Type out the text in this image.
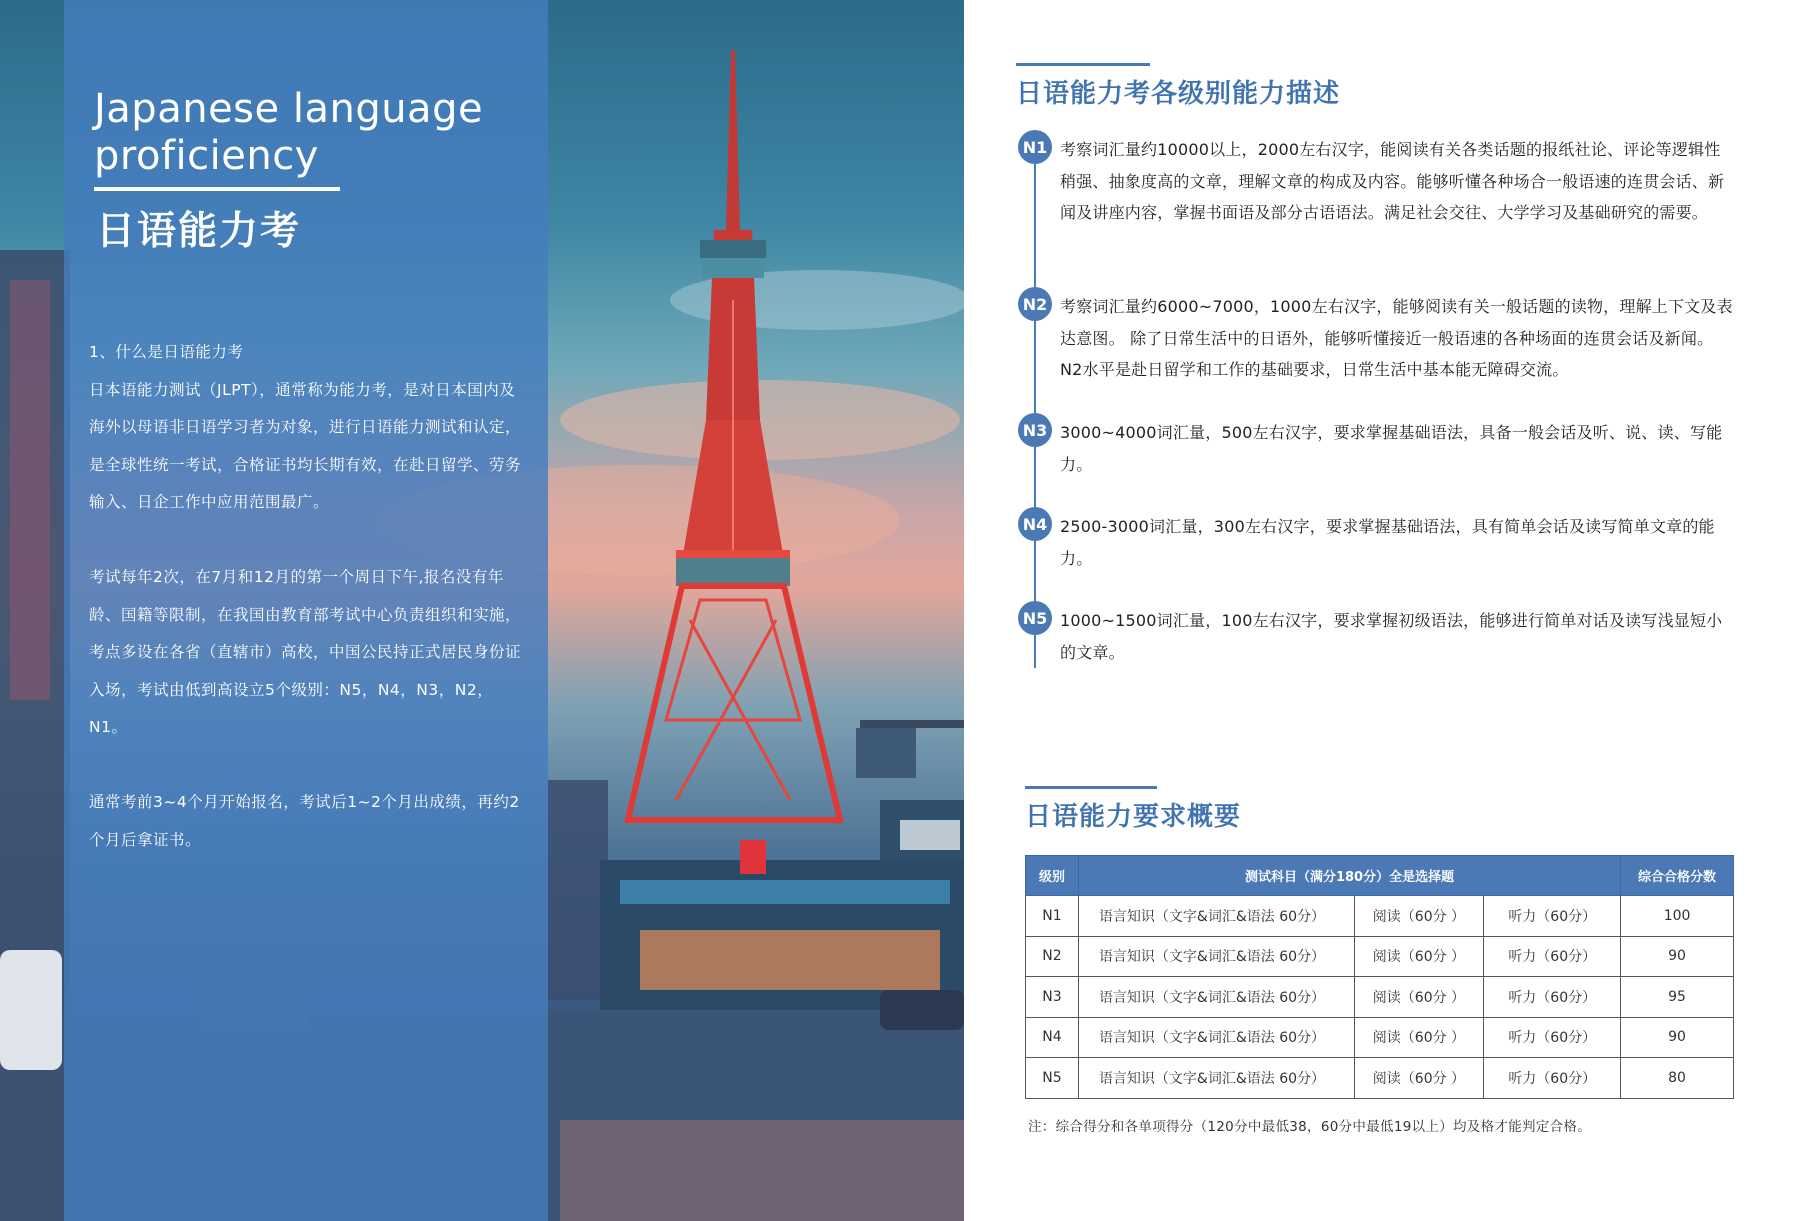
Japanese language proficiency
日语能力考

1、什么是日语能力考
日本语能力测试（JLPT），通常称为能力考，是对日本国内及海外以母语非日语学习者为对象，进行日语能力测试和认定，是全球性统一考试，合格证书均长期有效，在赴日留学、劳务输入、日企工作中应用范围最广。

考试每年2次，在7月和12月的第一个周日下午,报名没有年龄、国籍等限制，在我国由教育部考试中心负责组织和实施，考点多设在各省（直辖市）高校，中国公民持正式居民身份证入场，考试由低到高设立5个级别：N5，N4，N3，N2，N1。

通常考前3~4个月开始报名，考试后1~2个月出成绩，再约2个月后拿证书。

日语能力考各级别能力描述
N1 考察词汇量约10000以上，2000左右汉字，能阅读有关各类话题的报纸社论、评论等逻辑性稍强、抽象度高的文章，理解文章的构成及内容。能够听懂各种场合一般语速的连贯会话、新闻及讲座内容，掌握书面语及部分古语语法。满足社会交往、大学学习及基础研究的需要。
N2 考察词汇量约6000~7000，1000左右汉字，能够阅读有关一般话题的读物，理解上下文及表达意图。 除了日常生活中的日语外，能够听懂接近一般语速的各种场面的连贯会话及新闻。N2水平是赴日留学和工作的基础要求，日常生活中基本能无障碍交流。
N3 3000~4000词汇量，500左右汉字，要求掌握基础语法，具备一般会话及听、说、读、写能力。
N4 2500-3000词汇量，300左右汉字，要求掌握基础语法，具有简单会话及读写简单文章的能力。
N5 1000~1500词汇量，100左右汉字，要求掌握初级语法，能够进行简单对话及读写浅显短小的文章。
日语能力要求概要
级别	测试科目（满分180分）全是选择题			综合合格分数
N1	语言知识（文字&词汇&语法 60分）	阅读（60分 ）	听力（60分）	100
N2	语言知识（文字&词汇&语法 60分）	阅读（60分 ）	听力（60分）	90
N3	语言知识（文字&词汇&语法 60分）	阅读（60分 ）	听力（60分）	95
N4	语言知识（文字&词汇&语法 60分）	阅读（60分 ）	听力（60分）	90
N5	语言知识（文字&词汇&语法 60分）	阅读（60分 ）	听力（60分）	80
注：综合得分和各单项得分（120分中最低38，60分中最低19以上）均及格才能判定合格。
